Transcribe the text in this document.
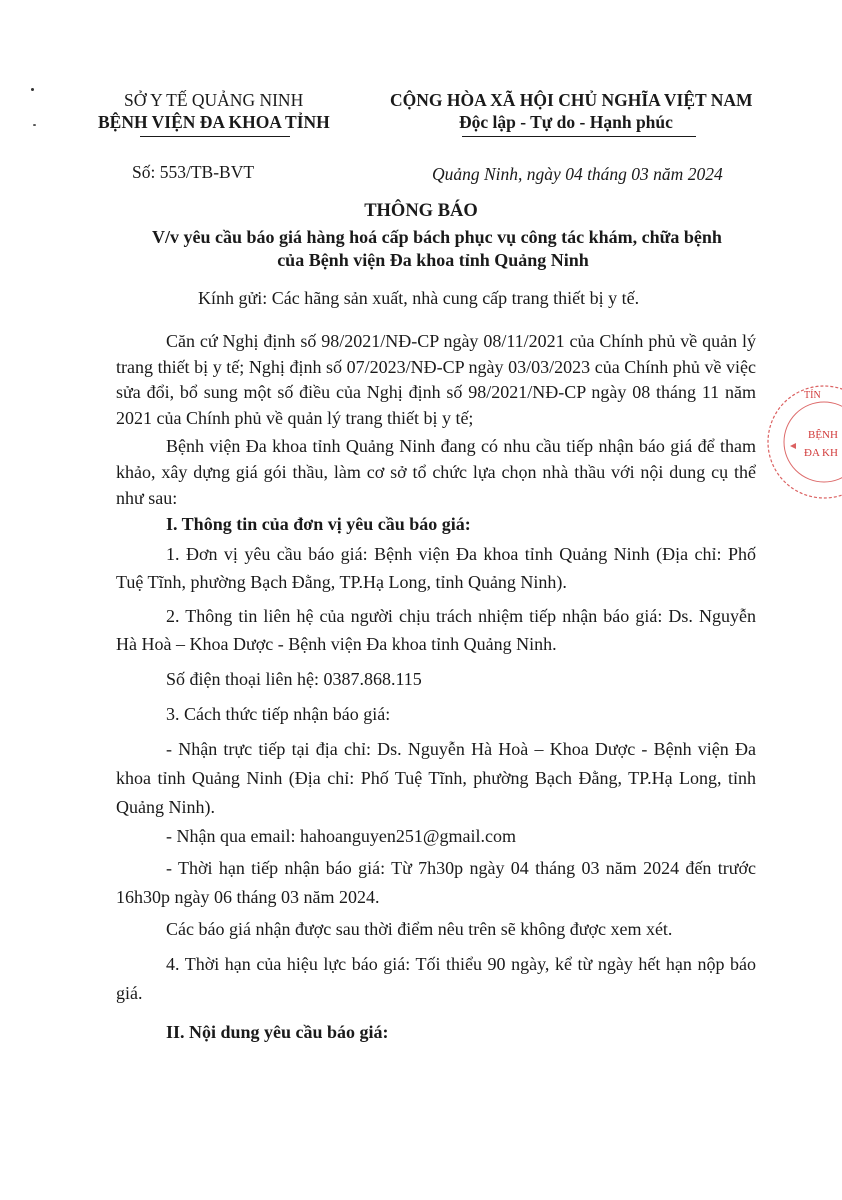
SỞ Y TẾ QUẢNG NINH
BỆNH VIỆN ĐA KHOA TỈNH
CỘNG HÒA XÃ HỘI CHỦ NGHĨA VIỆT NAM
Độc lập - Tự do - Hạnh phúc
Số: 553/TB-BVT	Quảng Ninh, ngày 04 tháng 03 năm 2024
THÔNG BÁO
V/v yêu cầu báo giá hàng hoá cấp bách phục vụ công tác khám, chữa bệnh
của Bệnh viện Đa khoa tỉnh Quảng Ninh
Kính gửi: Các hãng sản xuất, nhà cung cấp trang thiết bị y tế.
Căn cứ Nghị định số 98/2021/NĐ-CP ngày 08/11/2021 của Chính phủ về quản lý trang thiết bị y tế; Nghị định số 07/2023/NĐ-CP ngày 03/03/2023 của Chính phủ về việc sửa đổi, bổ sung một số điều của Nghị định số 98/2021/NĐ-CP ngày 08 tháng 11 năm 2021 của Chính phủ về quản lý trang thiết bị y tế;
Bệnh viện Đa khoa tỉnh Quảng Ninh đang có nhu cầu tiếp nhận báo giá để tham khảo, xây dựng giá gói thầu, làm cơ sở tổ chức lựa chọn nhà thầu với nội dung cụ thể như sau:
I. Thông tin của đơn vị yêu cầu báo giá:
1. Đơn vị yêu cầu báo giá: Bệnh viện Đa khoa tỉnh Quảng Ninh (Địa chỉ: Phố Tuệ Tĩnh, phường Bạch Đằng, TP.Hạ Long, tỉnh Quảng Ninh).
2. Thông tin liên hệ của người chịu trách nhiệm tiếp nhận báo giá: Ds. Nguyễn Hà Hoà – Khoa Dược - Bệnh viện Đa khoa tỉnh Quảng Ninh.
Số điện thoại liên hệ: 0387.868.115
3. Cách thức tiếp nhận báo giá:
- Nhận trực tiếp tại địa chỉ: Ds. Nguyễn Hà Hoà – Khoa Dược - Bệnh viện Đa khoa tỉnh Quảng Ninh (Địa chỉ: Phố Tuệ Tĩnh, phường Bạch Đằng, TP.Hạ Long, tỉnh Quảng Ninh).
- Nhận qua email: hahoanguyen251@gmail.com
- Thời hạn tiếp nhận báo giá: Từ 7h30p ngày 04 tháng 03 năm 2024 đến trước 16h30p ngày 06 tháng 03 năm 2024.
Các báo giá nhận được sau thời điểm nêu trên sẽ không được xem xét.
4. Thời hạn của hiệu lực báo giá: Tối thiểu 90 ngày, kể từ ngày hết hạn nộp báo giá.
II. Nội dung yêu cầu báo giá:
TỈN
BỆNH
ĐA KH
